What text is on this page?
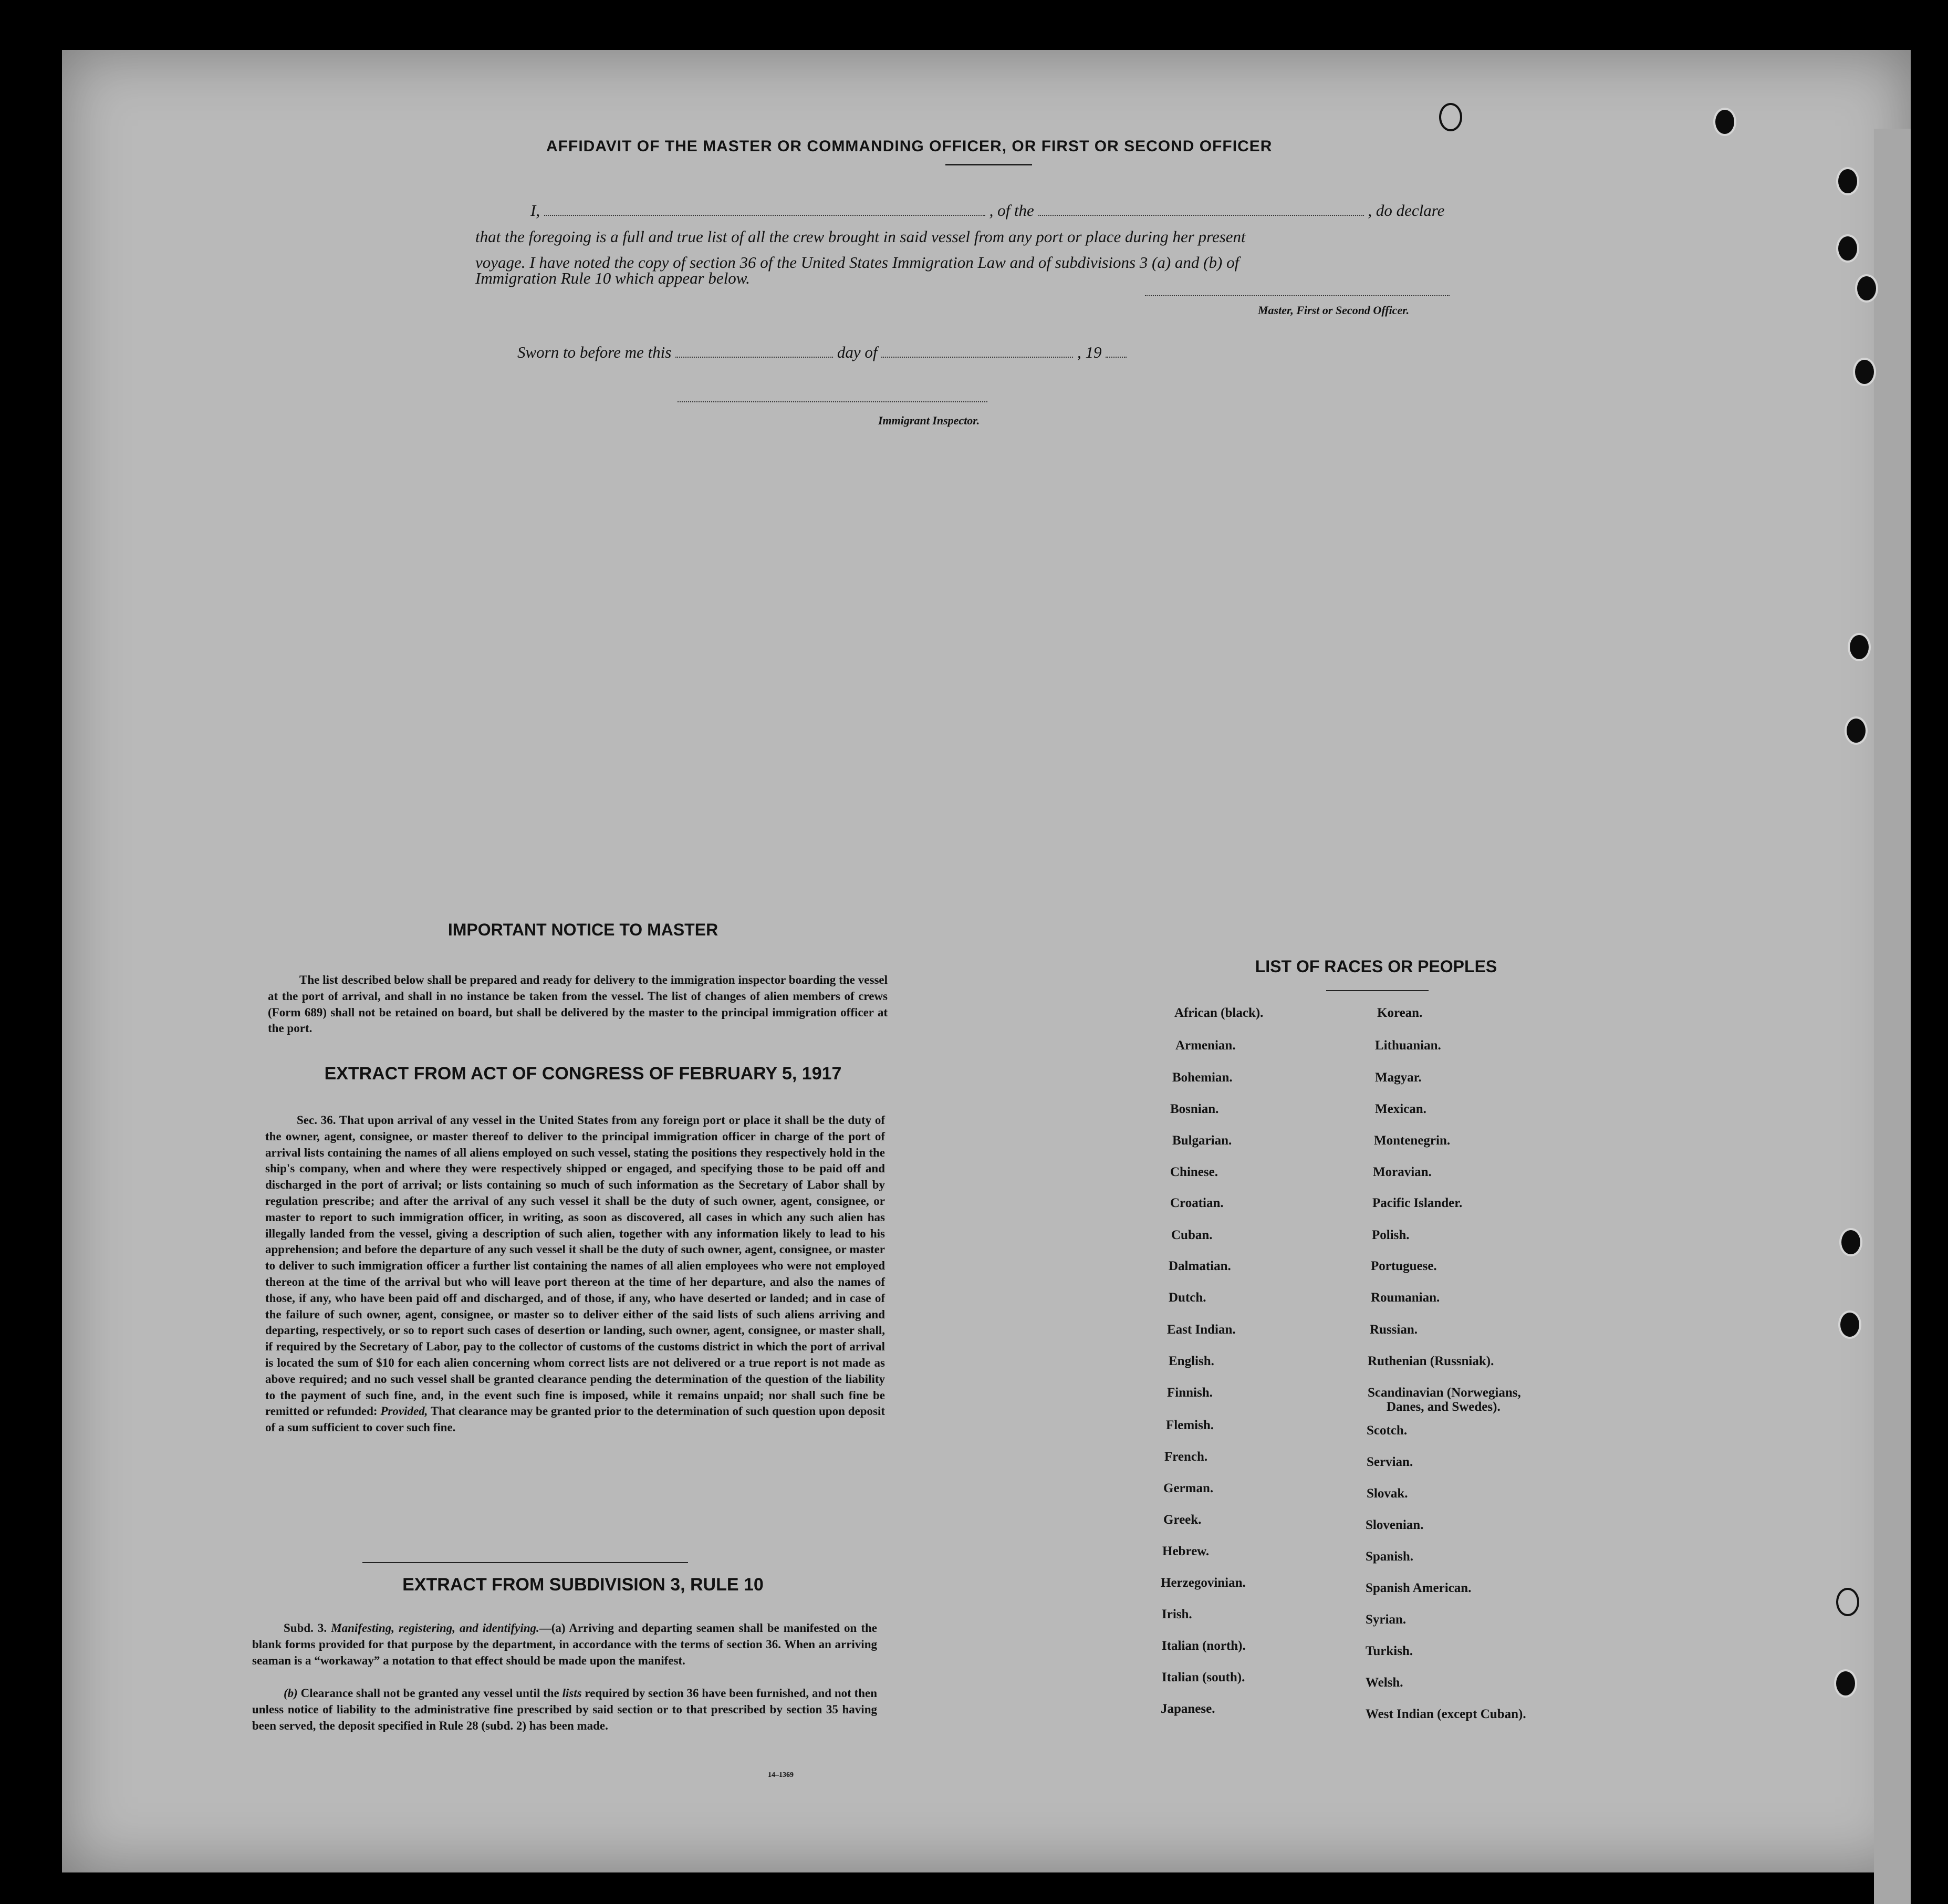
AFFIDAVIT OF THE MASTER OR COMMANDING OFFICER, OR FIRST OR SECOND OFFICER
I,	, of the	, do declare
that the foregoing is a full and true list of all the crew brought in said vessel from any port or place during her present
voyage. I have noted the copy of section 36 of the United States Immigration Law and of subdivisions 3 (a) and (b) of
Immigration Rule 10 which appear below.
Master, First or Second Officer.
Sworn to before me this	day of	, 19
Immigrant Inspector.
IMPORTANT NOTICE TO MASTER
The list described below shall be prepared and ready for delivery to the immigration inspector boarding the vessel at the port of arrival, and shall in no instance be taken from the vessel. The list of changes of alien members of crews (Form 689) shall not be retained on board, but shall be delivered by the master to the principal immigration officer at the port.
EXTRACT FROM ACT OF CONGRESS OF FEBRUARY 5, 1917
Sec. 36. That upon arrival of any vessel in the United States from any foreign port or place it shall be the duty of the owner, agent, consignee, or master thereof to deliver to the principal immigration officer in charge of the port of arrival lists containing the names of all aliens employed on such vessel, stating the positions they respectively hold in the ship's company, when and where they were respectively shipped or engaged, and specifying those to be paid off and discharged in the port of arrival; or lists containing so much of such information as the Secretary of Labor shall by regulation prescribe; and after the arrival of any such vessel it shall be the duty of such owner, agent, consignee, or master to report to such immigration officer, in writing, as soon as discovered, all cases in which any such alien has illegally landed from the vessel, giving a description of such alien, together with any information likely to lead to his apprehension; and before the departure of any such vessel it shall be the duty of such owner, agent, consignee, or master to deliver to such immigration officer a further list containing the names of all alien employees who were not employed thereon at the time of the arrival but who will leave port thereon at the time of her departure, and also the names of those, if any, who have been paid off and discharged, and of those, if any, who have deserted or landed; and in case of the failure of such owner, agent, consignee, or master so to deliver either of the said lists of such aliens arriving and departing, respectively, or so to report such cases of desertion or landing, such owner, agent, consignee, or master shall, if required by the Secretary of Labor, pay to the collector of customs of the customs district in which the port of arrival is located the sum of $10 for each alien concerning whom correct lists are not delivered or a true report is not made as above required; and no such vessel shall be granted clearance pending the determination of the question of the liability to the payment of such fine, and, in the event such fine is imposed, while it remains unpaid; nor shall such fine be remitted or refunded: Provided, That clearance may be granted prior to the determination of such question upon deposit of a sum sufficient to cover such fine.
EXTRACT FROM SUBDIVISION 3, RULE 10
Subd. 3. Manifesting, registering, and identifying.—(a) Arriving and departing seamen shall be manifested on the blank forms provided for that purpose by the department, in accordance with the terms of section 36. When an arriving seaman is a “workaway” a notation to that effect should be made upon the manifest.
(b) Clearance shall not be granted any vessel until the lists required by section 36 have been furnished, and not then unless notice of liability to the administrative fine prescribed by said section or to that prescribed by section 35 having been served, the deposit specified in Rule 28 (subd. 2) has been made.
14–1369
LIST OF RACES OR PEOPLES
African (black).
Armenian.
Bohemian.
Bosnian.
Bulgarian.
Chinese.
Croatian.
Cuban.
Dalmatian.
Dutch.
East Indian.
English.
Finnish.
Flemish.
French.
German.
Greek.
Hebrew.
Herzegovinian.
Irish.
Italian (north).
Italian (south).
Japanese.
Korean.
Lithuanian.
Magyar.
Mexican.
Montenegrin.
Moravian.
Pacific Islander.
Polish.
Portuguese.
Roumanian.
Russian.
Ruthenian (Russniak).
Scandinavian (Norwegians,
Scotch.
Servian.
Slovak.
Slovenian.
Spanish.
Spanish American.
Syrian.
Turkish.
Welsh.
West Indian (except Cuban).
Danes, and Swedes).
